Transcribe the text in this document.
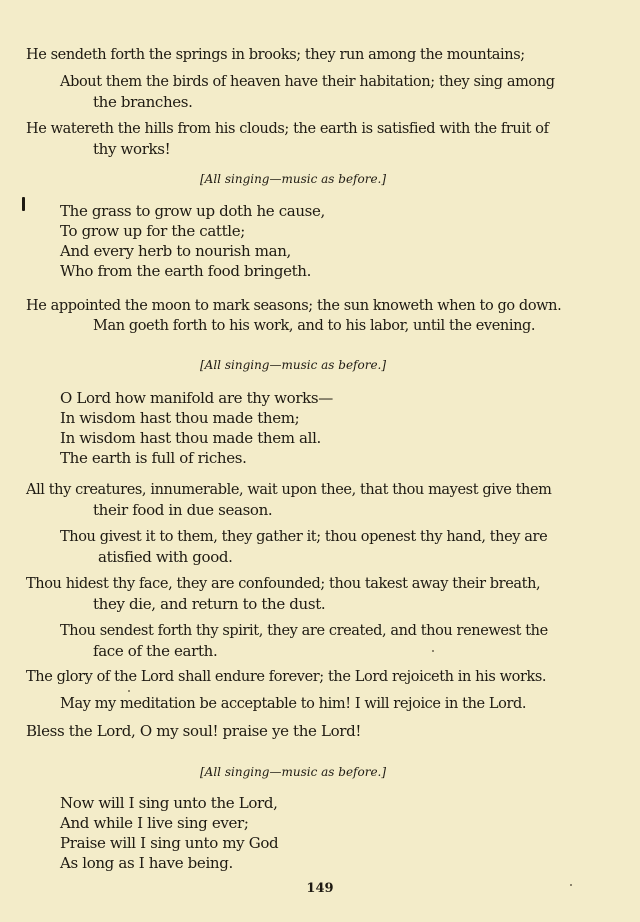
He sendeth forth the springs in brooks; they run among the mountains;

About them the birds of heaven have their habitation; they sing among

the branches.

He watereth the hills from his clouds; the earth is satisfied with the fruit of

thy works!

[All singing—music as before.]

The grass to grow up doth he cause,

To grow up for the cattle;

And every herb to nourish man,

Who from the earth food bringeth.

He appointed the moon to mark seasons; the sun knoweth when to go down.

Man goeth forth to his work, and to his labor, until the evening.

[All singing—music as before.]

O Lord how manifold are thy works—

In wisdom hast thou made them;

In wisdom hast thou made them all.

The earth is full of riches.

All thy creatures, innumerable, wait upon thee, that thou mayest give them

their food in due season.

Thou givest it to them, they gather it; thou openest thy hand, they are

atisfied with good.

Thou hidest thy face, they are confounded; thou takest away their breath,

they die, and return to the dust.

Thou sendest forth thy spirit, they are created, and thou renewest the

face of the earth.

The glory of the Lord shall endure forever; the Lord rejoiceth in his works.

May my meditation be acceptable to him! I will rejoice in the Lord.

Bless the Lord, O my soul! praise ye the Lord!

[All singing—music as before.]

Now will I sing unto the Lord,

And while I live sing ever;

Praise will I sing unto my God

As long as I have being.

149
